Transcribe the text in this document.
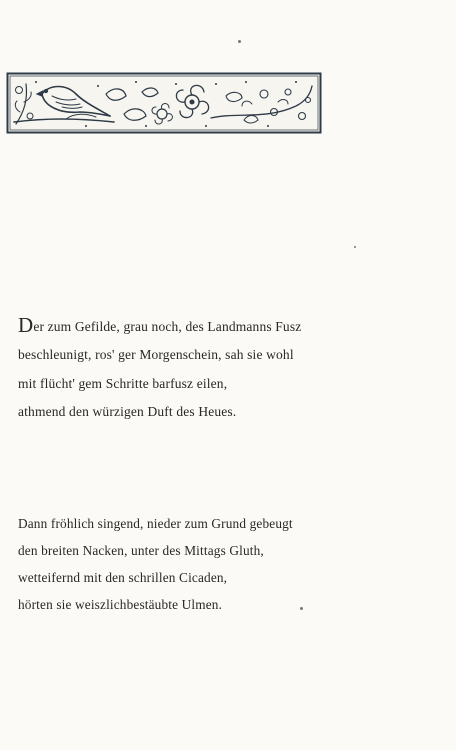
Der zum Gefilde, grau noch, des Landmanns Fusz
beschleunigt, ros' ger Morgenschein, sah sie wohl
mit flücht' gem Schritte barfusz eilen,
athmend den würzigen Duft des Heues.
Dann fröhlich singend, nieder zum Grund gebeugt
den breiten Nacken, unter des Mittags Gluth,
wetteifernd mit den schrillen Cicaden,
hörten sie weiszlichbestäubte Ulmen.
